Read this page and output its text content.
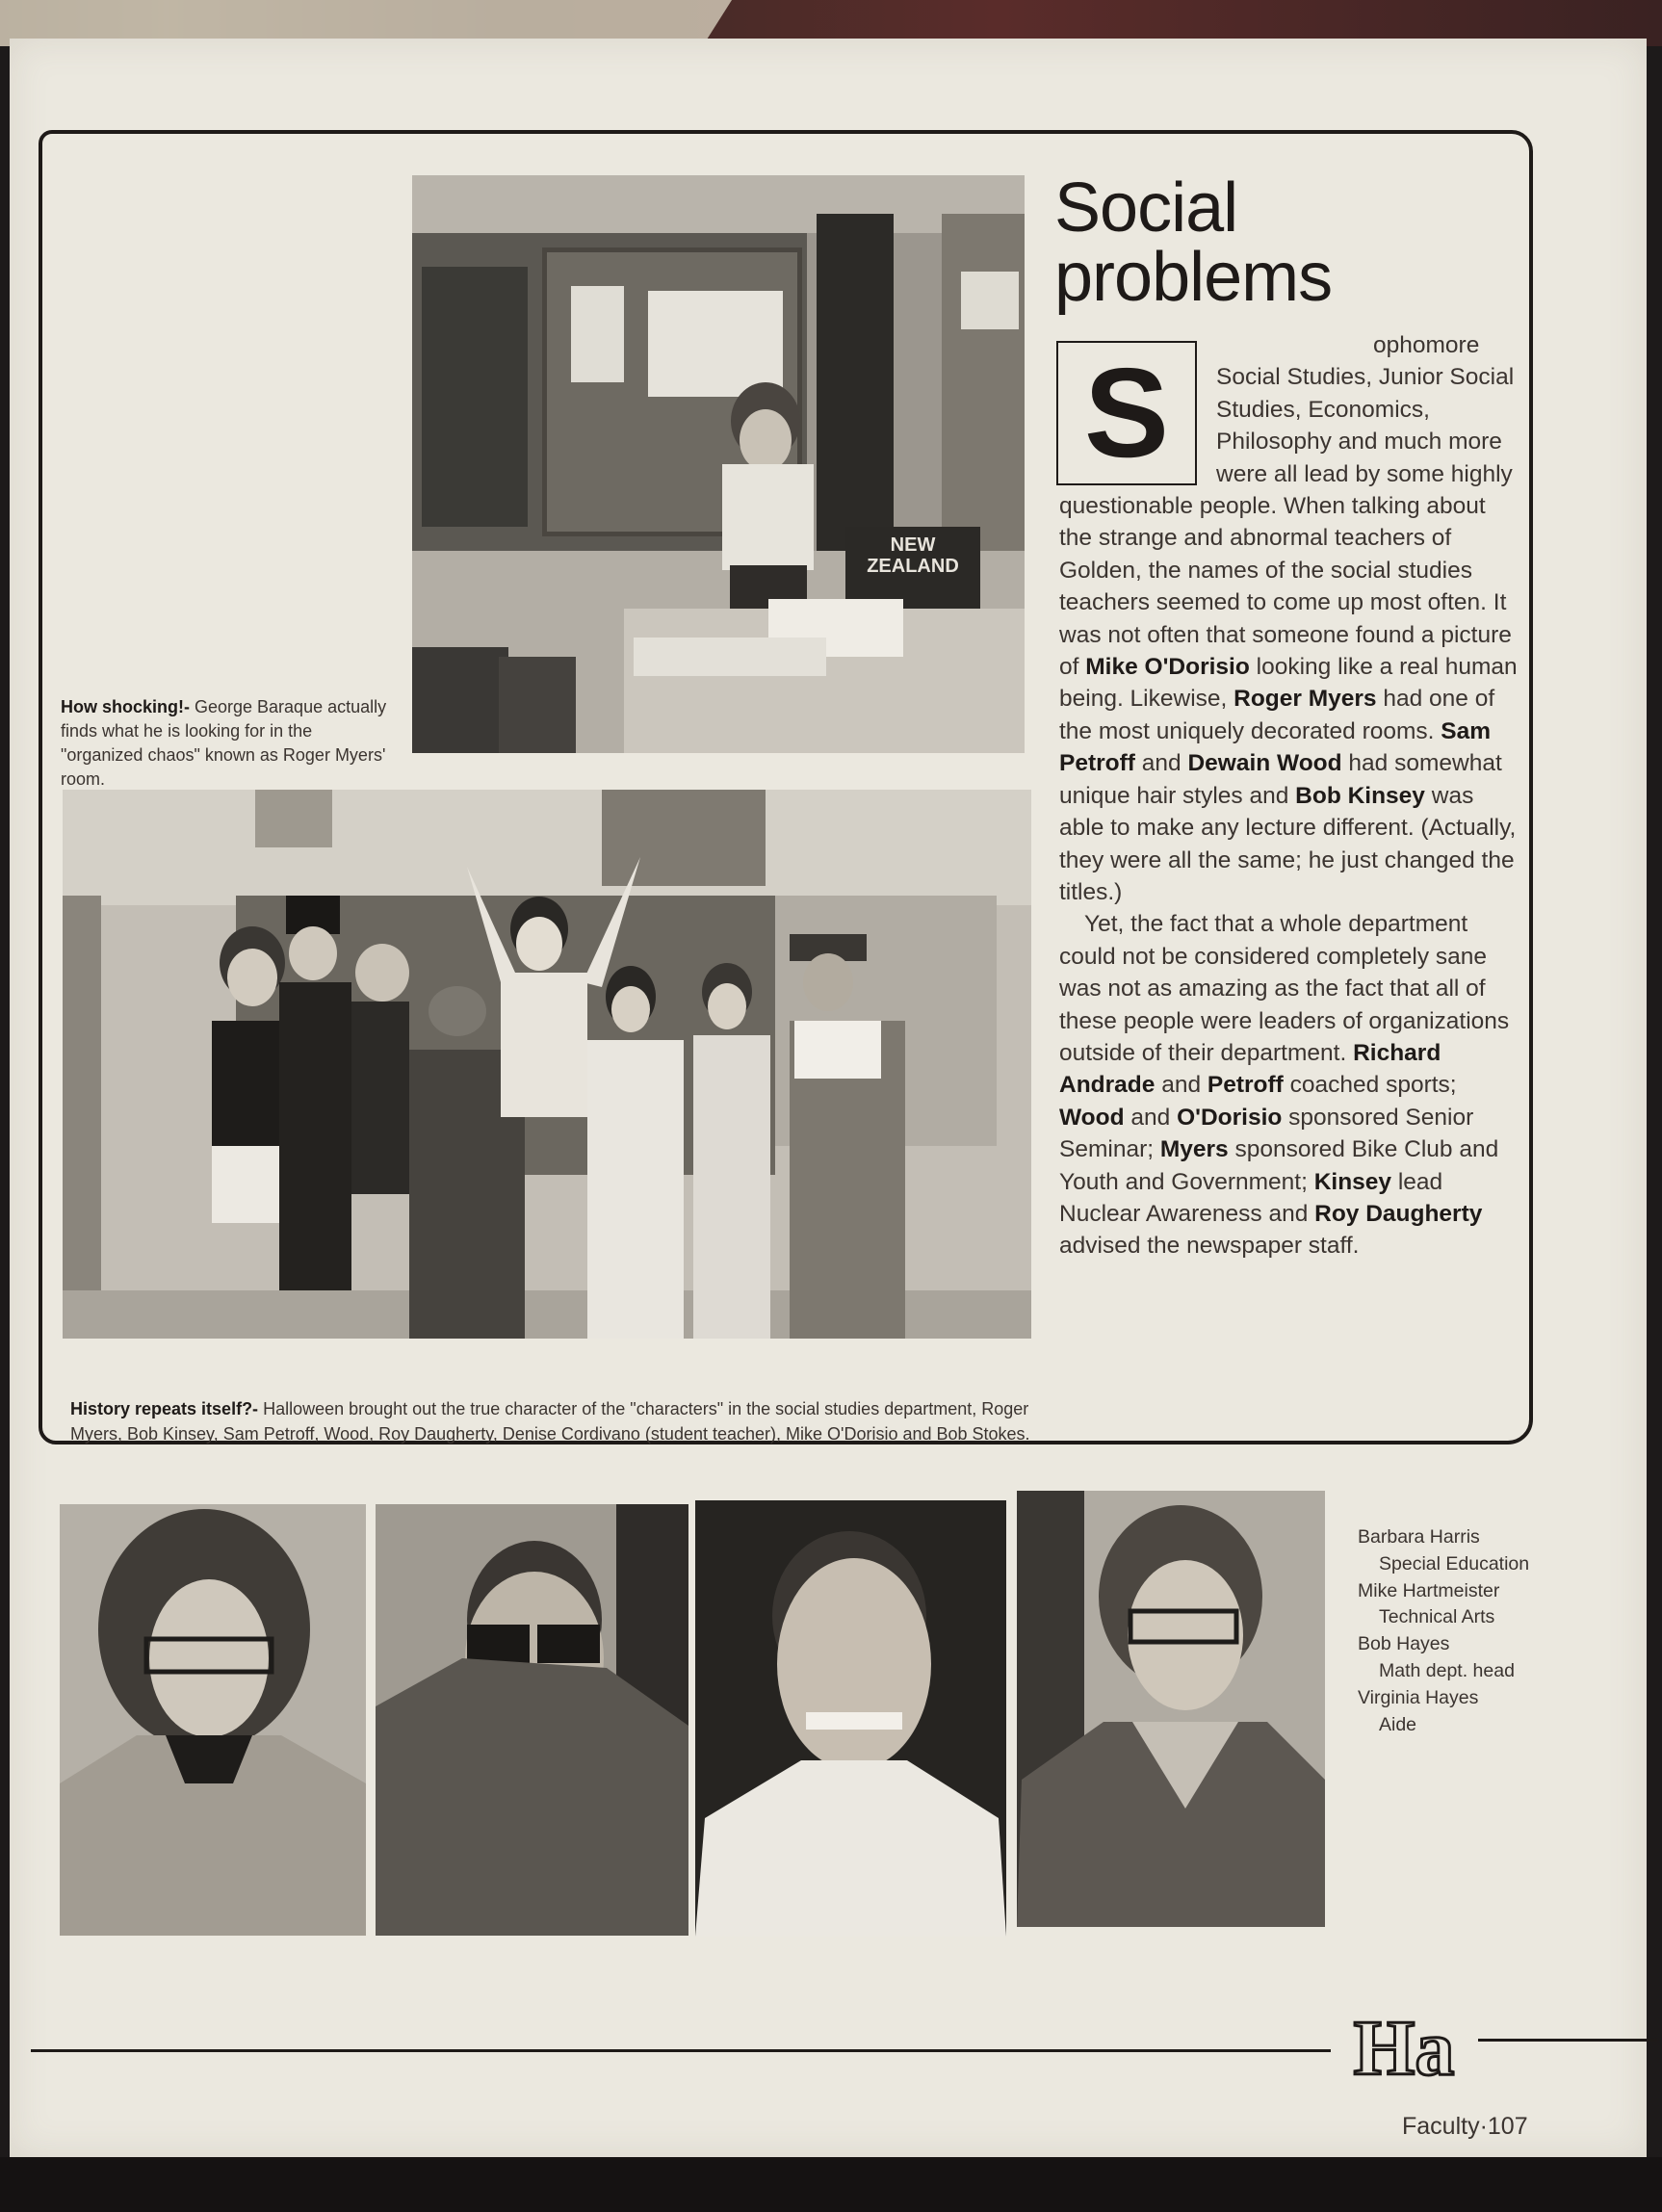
NEW
ZEALAND
Social problems
S	ophomore Social Studies, Junior Social Studies, Economics, Philosophy and much more were all lead by some highly questionable people. When talking about the strange and abnormal teachers of Golden, the names of the social studies teachers seemed to come up most often. It was not often that someone found a picture of Mike O'Dorisio looking like a real human being. Likewise, Roger Myers had one of the most uniquely decorated rooms. Sam Petroff and Dewain Wood had somewhat unique hair styles and Bob Kinsey was able to make any lecture different. (Actually, they were all the same; he just changed the titles.)

Yet, the fact that a whole department could not be considered completely sane was not as amazing as the fact that all of these people were leaders of organizations outside of their department. Richard Andrade and Petroff coached sports; Wood and O'Dorisio sponsored Senior Seminar; Myers sponsored Bike Club and Youth and Government; Kinsey lead Nuclear Awareness and Roy Daugherty advised the newspaper staff.

How shocking!- George Baraque actually finds what he is looking for in the "organized chaos" known as Roger Myers' room.
History repeats itself?- Halloween brought out the true character of the "characters" in the social studies department, Roger Myers, Bob Kinsey, Sam Petroff, Wood, Roy Daugherty, Denise Cordivano (student teacher), Mike O'Dorisio and Bob Stokes.
Barbara Harris
Special Education
Mike Hartmeister
Technical Arts
Bob Hayes
Math dept. head
Virginia Hayes
Aide
Ha
Faculty·107
